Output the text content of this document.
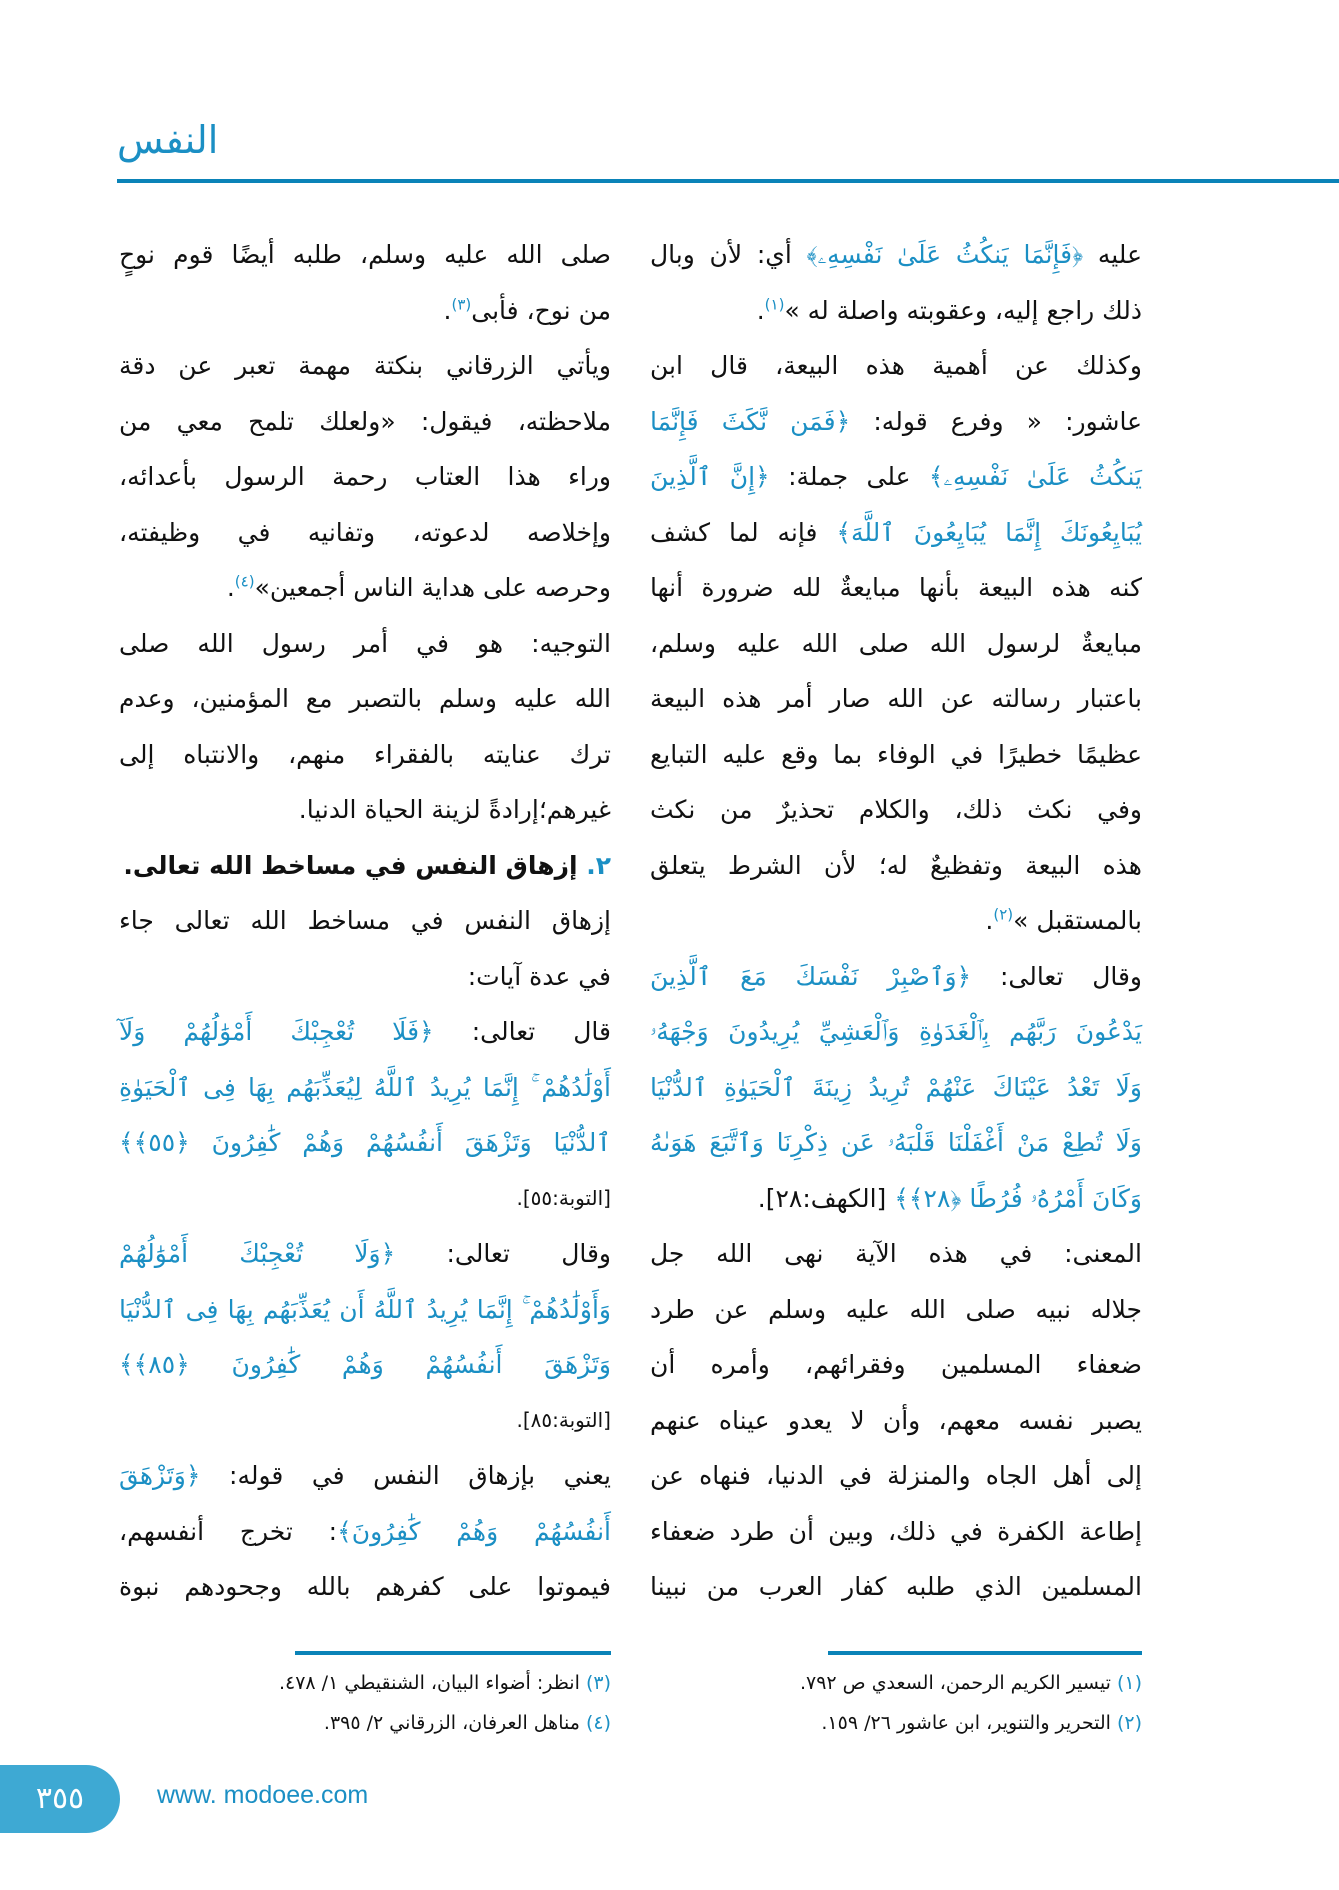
النفس
عليه ﴿فَإِنَّمَا يَنكُثُ عَلَىٰ نَفْسِهِۦ﴾ أي: لأن وبال
ذلك راجع إليه، وعقوبته واصلة له »$^{(١)}$.
وكذلك عن أهمية هذه البيعة، قال ابن
عاشور: « وفرع قوله: ﴿فَمَن نَّكَثَ فَإِنَّمَا
يَنكُثُ عَلَىٰ نَفْسِهِۦ﴾ على جملة: ﴿إِنَّ ٱلَّذِينَ
يُبَايِعُونَكَ إِنَّمَا يُبَايِعُونَ ٱللَّهَ﴾ فإنه لما كشف
كنه هذه البيعة بأنها مبايعةٌ لله ضرورة أنها
مبايعةٌ لرسول الله صلى الله عليه وسلم،
باعتبار رسالته عن الله صار أمر هذه البيعة
عظيمًا خطيرًا في الوفاء بما وقع عليه التبايع
وفي نكث ذلك، والكلام تحذيرٌ من نكث
هذه البيعة وتفظيعٌ له؛ لأن الشرط يتعلق
بالمستقبل »$^{(٢)}$.
وقال تعالى: ﴿وَٱصْبِرْ نَفْسَكَ مَعَ ٱلَّذِينَ
يَدْعُونَ رَبَّهُم بِٱلْغَدَوٰةِ وَٱلْعَشِيِّ يُرِيدُونَ وَجْهَهُۥ
وَلَا تَعْدُ عَيْنَاكَ عَنْهُمْ تُرِيدُ زِينَةَ ٱلْحَيَوٰةِ ٱلدُّنْيَا
وَلَا تُطِعْ مَنْ أَغْفَلْنَا قَلْبَهُۥ عَن ذِكْرِنَا وَٱتَّبَعَ هَوَىٰهُ
وَكَانَ أَمْرُهُۥ فُرُطًا ﴿٢٨﴾﴾ [الكهف:٢٨].
المعنى: في هذه الآية نهى الله جل
جلاله نبيه صلى الله عليه وسلم عن طرد
ضعفاء المسلمين وفقرائهم، وأمره أن
يصبر نفسه معهم، وأن لا يعدو عيناه عنهم
إلى أهل الجاه والمنزلة في الدنيا، فنهاه عن
إطاعة الكفرة في ذلك، وبين أن طرد ضعفاء
المسلمين الذي طلبه كفار العرب من نبينا
صلى الله عليه وسلم، طلبه أيضًا قوم نوحٍ
من نوح، فأبى$^{(٣)}$.
ويأتي الزرقاني بنكتة مهمة تعبر عن دقة
ملاحظته، فيقول: «ولعلك تلمح معي من
وراء هذا العتاب رحمة الرسول بأعدائه،
وإخلاصه لدعوته، وتفانيه في وظيفته،
وحرصه على هداية الناس أجمعين»$^{(٤)}$.
التوجيه: هو في أمر رسول الله صلى
الله عليه وسلم بالتصبر مع المؤمنين، وعدم
ترك عنايته بالفقراء منهم، والانتباه إلى
غيرهم؛إرادةً لزينة الحياة الدنيا.
٢. إزهاق النفس في مساخط الله تعالى.
إزهاق النفس في مساخط الله تعالى جاء
في عدة آيات:
قال تعالى: ﴿فَلَا تُعْجِبْكَ أَمْوَٰلُهُمْ وَلَآ
أَوْلَٰدُهُمْ ۚ إِنَّمَا يُرِيدُ ٱللَّهُ لِيُعَذِّبَهُم بِهَا فِى ٱلْحَيَوٰةِ
ٱلدُّنْيَا وَتَزْهَقَ أَنفُسُهُمْ وَهُمْ كَٰفِرُونَ ﴿٥٥﴾﴾
[التوبة:٥٥].
وقال تعالى: ﴿وَلَا تُعْجِبْكَ أَمْوَٰلُهُمْ
وَأَوْلَٰدُهُمْ ۚ إِنَّمَا يُرِيدُ ٱللَّهُ أَن يُعَذِّبَهُم بِهَا فِى ٱلدُّنْيَا
وَتَزْهَقَ أَنفُسُهُمْ وَهُمْ كَٰفِرُونَ ﴿٨٥﴾﴾
[التوبة:٨٥].
يعني بإزهاق النفس في قوله: ﴿وَتَزْهَقَ
أَنفُسُهُمْ وَهُمْ كَٰفِرُونَ﴾: تخرج أنفسهم،
فيموتوا على كفرهم بالله وجحودهم نبوة
(١) تيسير الكريم الرحمن، السعدي ص ٧٩٢.
(٢) التحرير والتنوير، ابن عاشور ٢٦/ ١٥٩.
(٣) انظر: أضواء البيان، الشنقيطي ١/ ٤٧٨.
(٤) مناهل العرفان، الزرقاني ٢/ ٣٩٥.
٣٥٥	www. modoee.com
